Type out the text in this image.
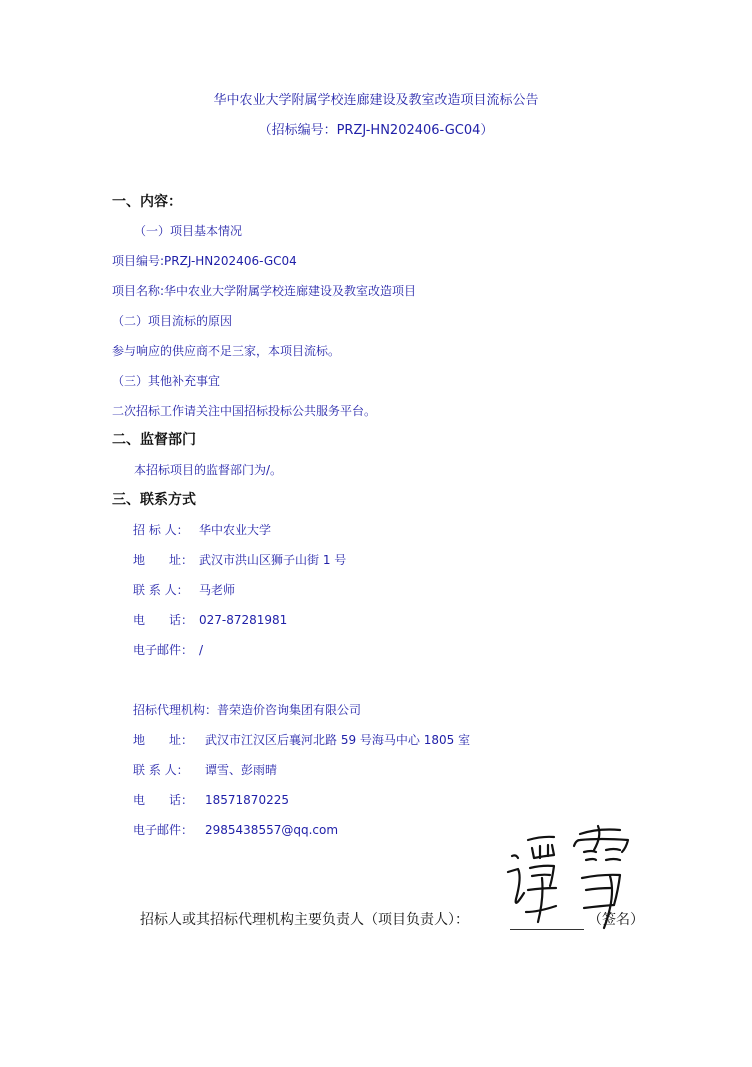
华中农业大学附属学校连廊建设及教室改造项目流标公告
（招标编号：PRZJ-HN202406-GC04）
一、内容：
（一）项目基本情况
项目编号:PRZJ-HN202406-GC04
项目名称:华中农业大学附属学校连廊建设及教室改造项目
（二）项目流标的原因
参与响应的供应商不足三家，本项目流标。
（三）其他补充事宜
二次招标工作请关注中国招标投标公共服务平台。
二、监督部门
本招标项目的监督部门为/。
三、联系方式
招 标 人： 华中农业大学
地　　址： 武汉市洪山区狮子山街 1 号
联 系 人： 马老师
电　　话： 027-87281981
电子邮件： /
招标代理机构：普荣造价咨询集团有限公司
地　　址： 武汉市江汉区后襄河北路 59 号海马中心 1805 室
联 系 人： 谭雪、彭雨晴
电　　话： 18571870225
电子邮件： 2985438557@qq.com
招标人或其招标代理机构主要负责人（项目负责人）：	（签名）
